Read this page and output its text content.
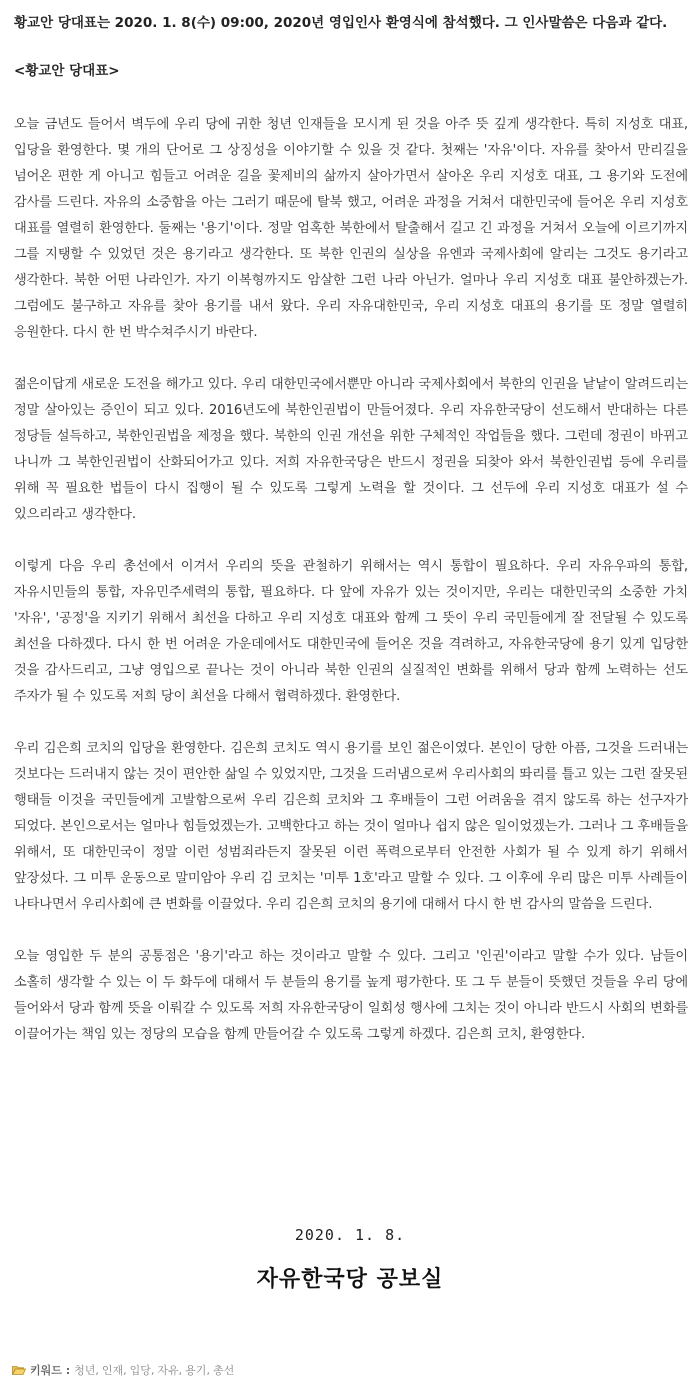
황교안 당대표는 2020. 1. 8(수) 09:00, 2020년 영입인사 환영식에 참석했다. 그 인사말씀은 다음과 같다.

<황교안 당대표>

오늘 금년도 들어서 벽두에 우리 당에 귀한 청년 인재들을 모시게 된 것을 아주 뜻 깊게 생각한다. 특히 지성호 대표, 입당을 환영한다. 몇 개의 단어로 그 상징성을 이야기할 수 있을 것 같다. 첫째는 '자유'이다. 자유를 찾아서 만리길을 넘어온 편한 게 아니고 힘들고 어려운 길을 꽃제비의 삶까지 살아가면서 살아온 우리 지성호 대표, 그 용기와 도전에 감사를 드린다. 자유의 소중함을 아는 그러기 때문에 탈북 했고, 어려운 과정을 거쳐서 대한민국에 들어온 우리 지성호 대표를 열렬히 환영한다. 둘째는 '용기'이다. 정말 엄혹한 북한에서 탈출해서 길고 긴 과정을 거쳐서 오늘에 이르기까지 그를 지탱할 수 있었던 것은 용기라고 생각한다. 또 북한 인권의 실상을 유엔과 국제사회에 알리는 그것도 용기라고 생각한다. 북한 어떤 나라인가. 자기 이복형까지도 암살한 그런 나라 아닌가. 얼마나 우리 지성호 대표 불안하겠는가. 그럼에도 불구하고 자유를 찾아 용기를 내서 왔다. 우리 자유대한민국, 우리 지성호 대표의 용기를 또 정말 열렬히 응원한다. 다시 한 번 박수쳐주시기 바란다.

젊은이답게 새로운 도전을 해가고 있다. 우리 대한민국에서뿐만 아니라 국제사회에서 북한의 인권을 낱낱이 알려드리는 정말 살아있는 증인이 되고 있다. 2016년도에 북한인권법이 만들어졌다. 우리 자유한국당이 선도해서 반대하는 다른 정당들 설득하고, 북한인권법을 제정을 했다. 북한의 인권 개선을 위한 구체적인 작업들을 했다. 그런데 정권이 바뀌고 나니까 그 북한인권법이 산화되어가고 있다. 저희 자유한국당은 반드시 정권을 되찾아 와서 북한인권법 등에 우리를 위해 꼭 필요한 법들이 다시 집행이 될 수 있도록 그렇게 노력을 할 것이다. 그 선두에 우리 지성호 대표가 설 수 있으리라고 생각한다.

이렇게 다음 우리 총선에서 이겨서 우리의 뜻을 관철하기 위해서는 역시 통합이 필요하다. 우리 자유우파의 통합, 자유시민들의 통합, 자유민주세력의 통합, 필요하다. 다 앞에 자유가 있는 것이지만, 우리는 대한민국의 소중한 가치 '자유', '공정'을 지키기 위해서 최선을 다하고 우리 지성호 대표와 함께 그 뜻이 우리 국민들에게 잘 전달될 수 있도록 최선을 다하겠다. 다시 한 번 어려운 가운데에서도 대한민국에 들어온 것을 격려하고, 자유한국당에 용기 있게 입당한 것을 감사드리고, 그냥 영입으로 끝나는 것이 아니라 북한 인권의 실질적인 변화를 위해서 당과 함께 노력하는 선도 주자가 될 수 있도록 저희 당이 최선을 다해서 협력하겠다. 환영한다.

우리 김은희 코치의 입당을 환영한다. 김은희 코치도 역시 용기를 보인 젊은이였다. 본인이 당한 아픔, 그것을 드러내는 것보다는 드러내지 않는 것이 편안한 삶일 수 있었지만, 그것을 드러냄으로써 우리사회의 똬리를 틀고 있는 그런 잘못된 행태들 이것을 국민들에게 고발함으로써 우리 김은희 코치와 그 후배들이 그런 어려움을 겪지 않도록 하는 선구자가 되었다. 본인으로서는 얼마나 힘들었겠는가. 고백한다고 하는 것이 얼마나 쉽지 않은 일이었겠는가. 그러나 그 후배들을 위해서, 또 대한민국이 정말 이런 성범죄라든지 잘못된 이런 폭력으로부터 안전한 사회가 될 수 있게 하기 위해서 앞장섰다. 그 미투 운동으로 말미암아 우리 김 코치는 '미투 1호'라고 말할 수 있다. 그 이후에 우리 많은 미투 사례들이 나타나면서 우리사회에 큰 변화를 이끌었다. 우리 김은희 코치의 용기에 대해서 다시 한 번 감사의 말씀을 드린다.

오늘 영입한 두 분의 공통점은 '용기'라고 하는 것이라고 말할 수 있다. 그리고 '인권'이라고 말할 수가 있다. 남들이 소홀히 생각할 수 있는 이 두 화두에 대해서 두 분들의 용기를 높게 평가한다. 또 그 두 분들이 뜻했던 것들을 우리 당에 들어와서 당과 함께 뜻을 이뤄갈 수 있도록 저희 자유한국당이 일회성 행사에 그치는 것이 아니라 반드시 사회의 변화를 이끌어가는 책임 있는 정당의 모습을 함께 만들어갈 수 있도록 그렇게 하겠다. 김은희 코치, 환영한다.

2020. 1. 8.
자유한국당 공보실
키워드 : 청년 , 인재 , 입당 , 자유 , 용기 , 총선
